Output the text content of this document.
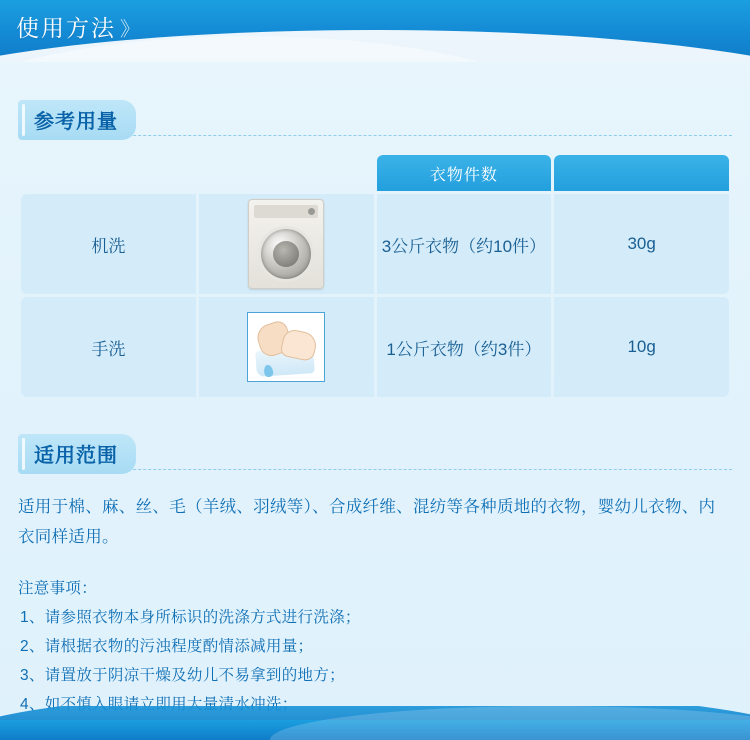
使用方法 》
参考用量
		衣物件数	
机洗		3公斤衣物（约10件）	30g
手洗		1公斤衣物（约3件）	10g
适用范围
适用于棉、麻、丝、毛（羊绒、羽绒等）、合成纤维、混纺等各种质地的衣物，婴幼儿衣物、内衣同样适用。
注意事项：
1、请参照衣物本身所标识的洗涤方式进行洗涤；
2、请根据衣物的污浊程度酌情添减用量；
3、请置放于阴凉干燥及幼儿不易拿到的地方；
4、如不慎入眼请立即用大量清水冲洗；
